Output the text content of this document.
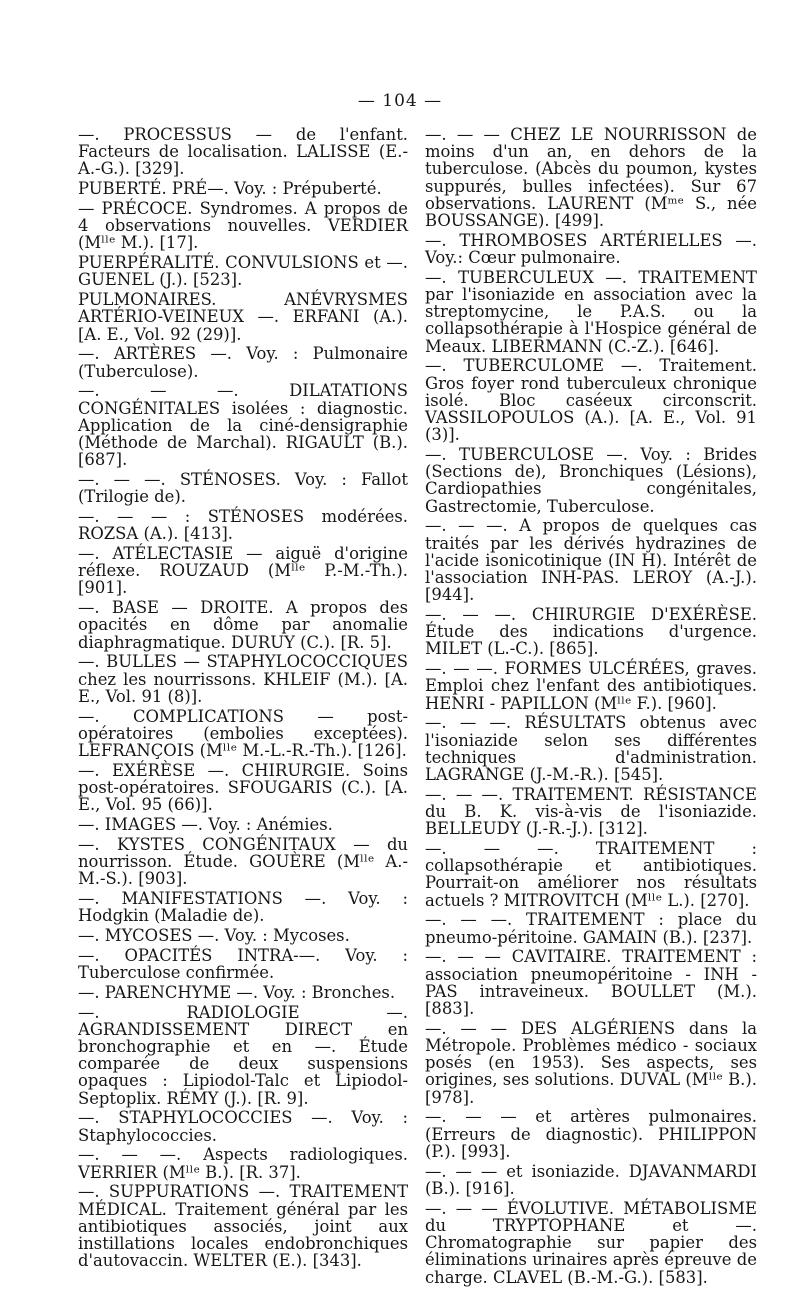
— 104 —
—. PROCESSUS — de l'enfant. Facteurs de localisation. LALISSE (E.-A.-G.). [329].
PUBERTÉ. PRÉ—. Voy. : Prépuberté.
— PRÉCOCE. Syndromes. A propos de 4 observations nouvelles. VERDIER (Mˡˡᵉ M.). [17].
PUERPÉRALITÉ. CONVULSIONS et —. GUENEL (J.). [523].
PULMONAIRES. ANÉVRYSMES ARTÉRIO-VEINEUX —. ERFANI (A.). [A. E., Vol. 92 (29)].
—. ARTÈRES —. Voy. : Pulmonaire (Tuberculose).
—. — —. DILATATIONS CONGÉNITALES isolées : diagnostic. Application de la ciné-densigraphie (Méthode de Marchal). RIGAULT (B.). [687].
—. — —. STÉNOSES. Voy. : Fallot (Trilogie de).
—. — — : STÉNOSES modérées. ROZSA (A.). [413].
—. ATÉLECTASIE — aiguë d'origine réflexe. ROUZAUD (Mˡˡᵉ P.-M.-Th.). [901].
—. BASE — DROITE. A propos des opacités en dôme par anomalie diaphragmatique. DURUY (C.). [R. 5].
—. BULLES — STAPHYLOCOCCIQUES chez les nourrissons. KHLEIF (M.). [A. E., Vol. 91 (8)].
—. COMPLICATIONS — post-opératoires (embolies exceptées). LEFRANÇOIS (Mˡˡᵉ M.-L.-R.-Th.). [126].
—. EXÉRÈSE —. CHIRURGIE. Soins post-opératoires. SFOUGARIS (C.). [A. E., Vol. 95 (66)].
—. IMAGES —. Voy. : Anémies.
—. KYSTES CONGÉNITAUX — du nourrisson. Étude. GOUÈRE (Mˡˡᵉ A.-M.-S.). [903].
—. MANIFESTATIONS —. Voy. : Hodgkin (Maladie de).
—. MYCOSES —. Voy. : Mycoses.
—. OPACITÉS INTRA-—. Voy. : Tuberculose confirmée.
—. PARENCHYME —. Voy. : Bronches.
—. RADIOLOGIE —. AGRANDISSEMENT DIRECT en bronchographie et en —. Étude comparée de deux suspensions opaques : Lipiodol-Talc et Lipiodol-Septoplix. RÉMY (J.). [R. 9].
—. STAPHYLOCOCCIES —. Voy. : Staphylococcies.
—. — —. Aspects radiologiques. VERRIER (Mˡˡᵉ B.). [R. 37].
—. SUPPURATIONS —. TRAITEMENT MÉDICAL. Traitement général par les antibiotiques associés, joint aux instillations locales endobronchiques d'autovaccin. WELTER (E.). [343].
—. — — CHEZ LE NOURRISSON de moins d'un an, en dehors de la tuberculose. (Abcès du poumon, kystes suppurés, bulles infectées). Sur 67 observations. LAURENT (Mᵐᵉ S., née BOUSSANGE). [499].
—. THROMBOSES ARTÉRIELLES —. Voy.: Cœur pulmonaire.
—. TUBERCULEUX —. TRAITEMENT par l'isoniazide en association avec la streptomycine, le P.A.S. ou la collapsothérapie à l'Hospice général de Meaux. LIBERMANN (C.-Z.). [646].
—. TUBERCULOME —. Traitement. Gros foyer rond tuberculeux chronique isolé. Bloc caséeux circonscrit. VASSILOPOULOS (A.). [A. E., Vol. 91 (3)].
—. TUBERCULOSE —. Voy. : Brides (Sections de), Bronchiques (Lésions), Cardiopathies congénitales, Gastrectomie, Tuberculose.
—. — —. A propos de quelques cas traités par les dérivés hydrazines de l'acide isonicotinique (IN H). Intérêt de l'association INH-PAS. LEROY (A.-J.). [944].
—. — —. CHIRURGIE D'EXÉRÈSE. Étude des indications d'urgence. MILET (L.-C.). [865].
—. — —. FORMES ULCÉRÉES, graves. Emploi chez l'enfant des antibiotiques. HENRI - PAPILLON (Mˡˡᵉ F.). [960].
—. — —. RÉSULTATS obtenus avec l'isoniazide selon ses différentes techniques d'administration. LAGRANGE (J.-M.-R.). [545].
—. — —. TRAITEMENT. RÉSISTANCE du B. K. vis-à-vis de l'isoniazide. BELLEUDY (J.-R.-J.). [312].
—. — —. TRAITEMENT : collapsothérapie et antibiotiques. Pourrait-on améliorer nos résultats actuels ? MITROVITCH (Mˡˡᵉ L.). [270].
—. — —. TRAITEMENT : place du pneumo-péritoine. GAMAIN (B.). [237].
—. — — CAVITAIRE. TRAITEMENT : association pneumopéritoine - INH - PAS intraveineux. BOULLET (M.). [883].
—. — — DES ALGÉRIENS dans la Métropole. Problèmes médico - sociaux posés (en 1953). Ses aspects, ses origines, ses solutions. DUVAL (Mˡˡᵉ B.). [978].
—. — — et artères pulmonaires. (Erreurs de diagnostic). PHILIPPON (P.). [993].
—. — — et isoniazide. DJAVANMARDI (B.). [916].
—. — — ÉVOLUTIVE. MÉTABOLISME du TRYPTOPHANE et —. Chromatographie sur papier des éliminations urinaires après épreuve de charge. CLAVEL (B.-M.-G.). [583].
